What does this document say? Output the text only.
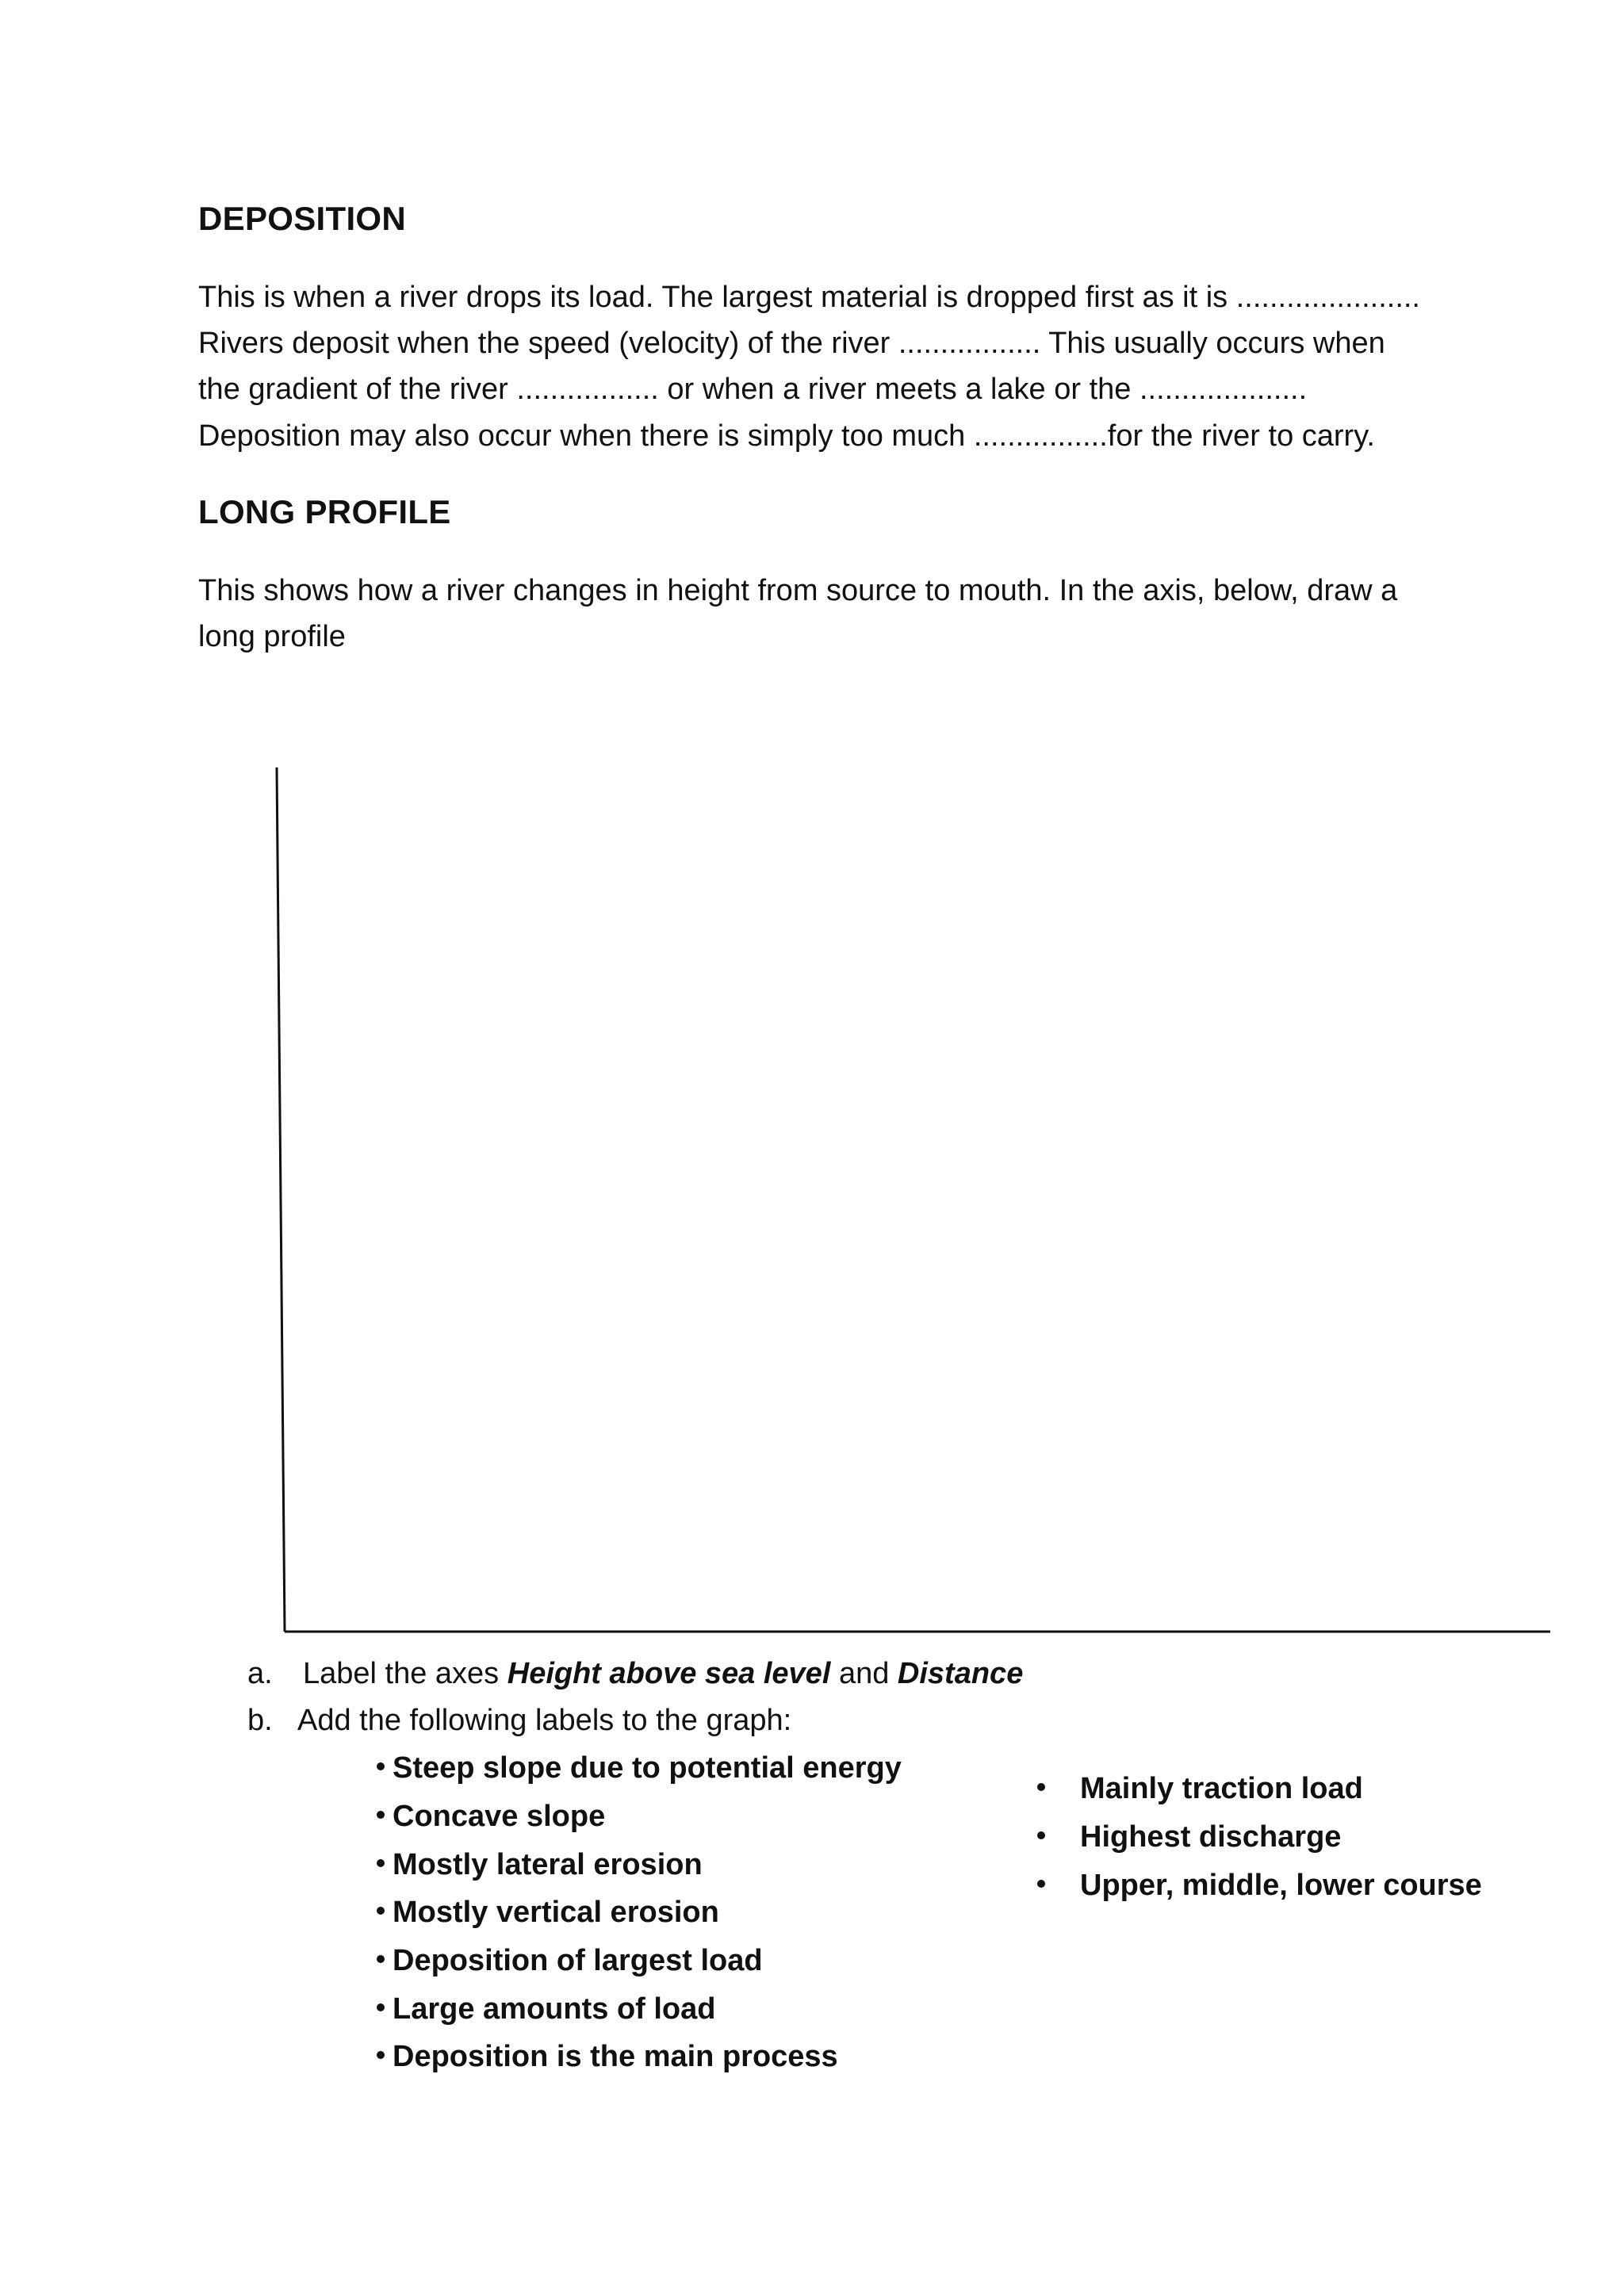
DEPOSITION

This is when a river drops its load. The largest material is dropped first as it is ......................

Rivers deposit when the speed (velocity) of the river ................. This usually occurs when

the gradient of the river ................. or when a river meets a lake or the ....................

Deposition may also occur when there is simply too much ................for the river to carry.

LONG PROFILE

This shows how a river changes in height from source to mouth. In the axis, below, draw a

long profile

a. Label the axes Height above sea level and Distance
b. Add the following labels to the graph:
Steep slope due to potential energy
Concave slope
Mostly lateral erosion
Mostly vertical erosion
Deposition of largest load
Large amounts of load
Deposition is the main process
Mainly traction load
Highest discharge
Upper, middle, lower course
